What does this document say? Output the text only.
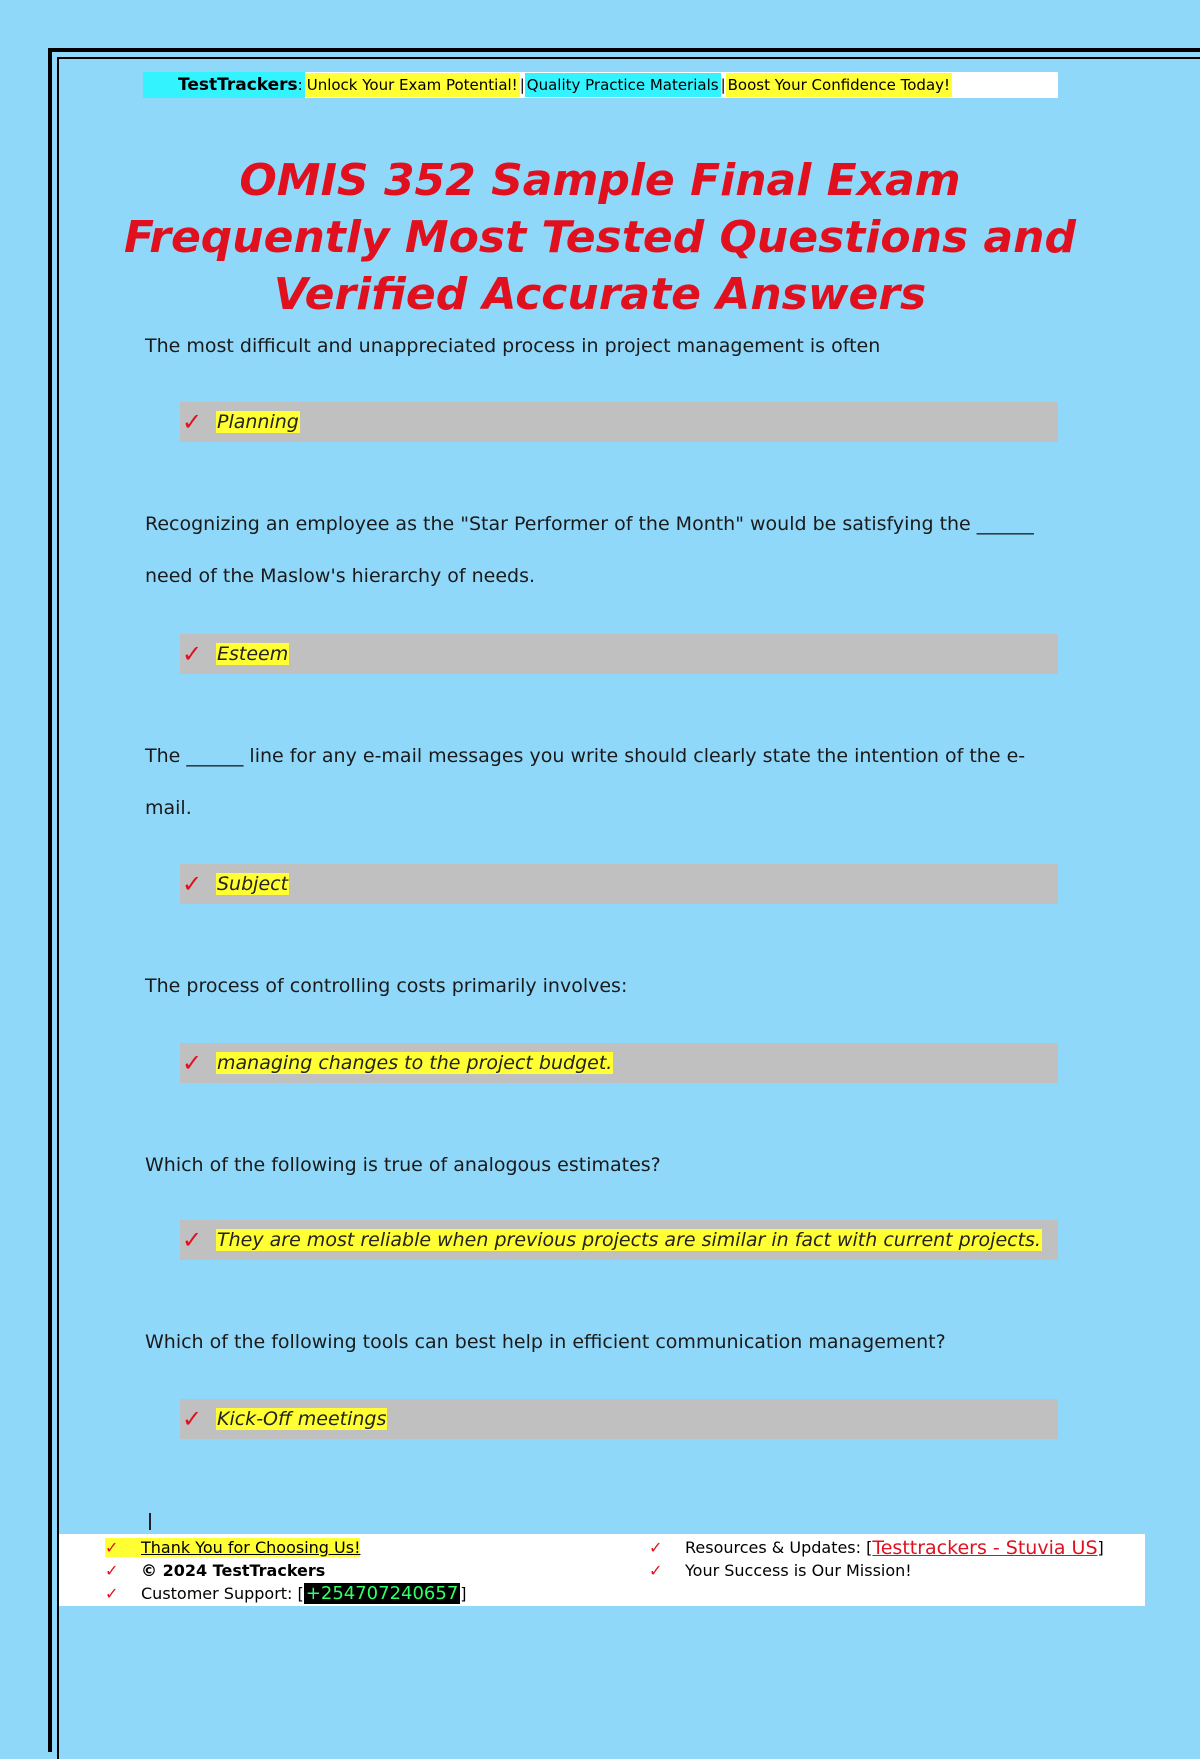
TestTrackers: Unlock Your Exam Potential! | Quality Practice Materials | Boost Your Confidence Today!
OMIS 352 Sample Final Exam Frequently Most Tested Questions and Verified Accurate Answers
The most difficult and unappreciated process in project management is often
✓ Planning
Recognizing an employee as the "Star Performer of the Month" would be satisfying the ______ need of the Maslow's hierarchy of needs.
✓ Esteem
The ______ line for any e-mail messages you write should clearly state the intention of the e-mail.
✓ Subject
The process of controlling costs primarily involves:
✓ managing changes to the project budget.
Which of the following is true of analogous estimates?
✓ They are most reliable when previous projects are similar in fact with current projects.
Which of the following tools can best help in efficient communication management?
✓ Kick-Off meetings
✓	Thank You for Choosing Us!
✓	© 2024 TestTrackers
✓	Customer Support: [ +254707240657 ]
✓	Resources & Updates: [ Testtrackers - Stuvia US ]
✓	Your Success is Our Mission!
